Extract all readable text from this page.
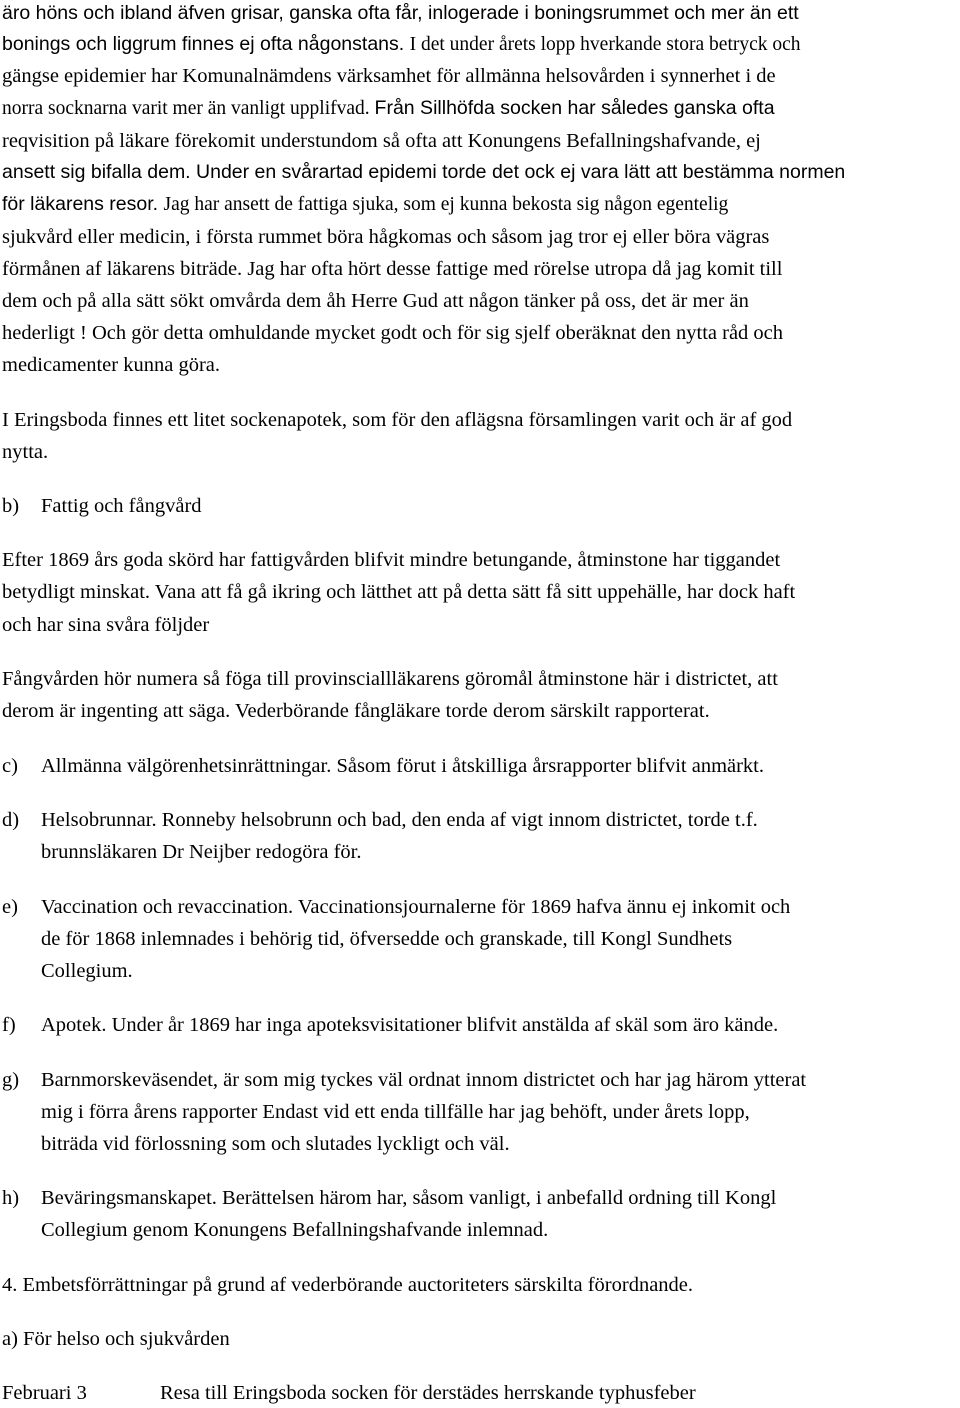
äro höns och ibland äfven grisar, ganska ofta får, inlogerade i boningsrummet och mer än ett
bonings och liggrum finnes ej ofta någonstans. I det under årets lopp hverkande stora betryck och
gängse epidemier har Komunalnämdens värksamhet för allmänna helsovården i synnerhet i de
norra socknarna varit mer än vanligt upplifvad. Från Sillhöfda socken har således ganska ofta
reqvisition på läkare förekomit understundom så ofta att Konungens Befallningshafvande, ej
ansett sig bifalla dem. Under en svårartad epidemi torde det ock ej vara lätt att bestämma normen
för läkarens resor. Jag har ansett de fattiga sjuka, som ej kunna bekosta sig någon egentelig
sjukvård eller medicin, i första rummet böra hågkomas och såsom jag tror ej eller böra vägras
förmånen af läkarens biträde. Jag har ofta hört desse fattige med rörelse utropa då jag komit till
dem och på alla sätt sökt omvårda dem åh Herre Gud att någon tänker på oss, det är mer än
hederligt ! Och gör detta omhuldande mycket godt och för sig sjelf oberäknat den nytta råd och
medicamenter kunna göra.
I Eringsboda finnes ett litet sockenapotek, som för den aflägsna församlingen varit och är af god
nytta.
b) Fattig och fångvård
Efter 1869 års goda skörd har fattigvården blifvit mindre betungande, åtminstone har tiggandet
betydligt minskat. Vana att få gå ikring och lätthet att på detta sätt få sitt uppehälle, har dock haft
och har sina svåra följder
Fångvården hör numera så föga till provinsciallläkarens göromål åtminstone här i districtet, att
derom är ingenting att säga. Vederbörande fångläkare torde derom särskilt rapporterat.
c) Allmänna välgörenhetsinrättningar. Såsom förut i åtskilliga årsrapporter blifvit anmärkt.
d) Helsobrunnar. Ronneby helsobrunn och bad, den enda af vigt innom districtet, torde t.f.
brunnsläkaren Dr Neijber redogöra för.
e) Vaccination och revaccination. Vaccinationsjournalerne för 1869 hafva ännu ej inkomit och
de för 1868 inlemnades i behörig tid, öfversedde och granskade, till Kongl Sundhets
Collegium.
f) Apotek. Under år 1869 har inga apoteksvisitationer blifvit anstälda af skäl som äro kände.
g) Barnmorskeväsendet, är som mig tyckes väl ordnat innom districtet och har jag härom ytterat
mig i förra årens rapporter Endast vid ett enda tillfälle har jag behöft, under årets lopp,
biträda vid förlossning som och slutades lyckligt och väl.
h) Beväringsmanskapet. Berättelsen härom har, såsom vanligt, i anbefalld ordning till Kongl
Collegium genom Konungens Befallningshafvande inlemnad.
4. Embetsförrättningar på grund af vederbörande auctoriteters särskilta förordnande.
a) För helso och sjukvården
Februari 3	Resa till Eringsboda socken för derstädes herrskande typhusfeber
